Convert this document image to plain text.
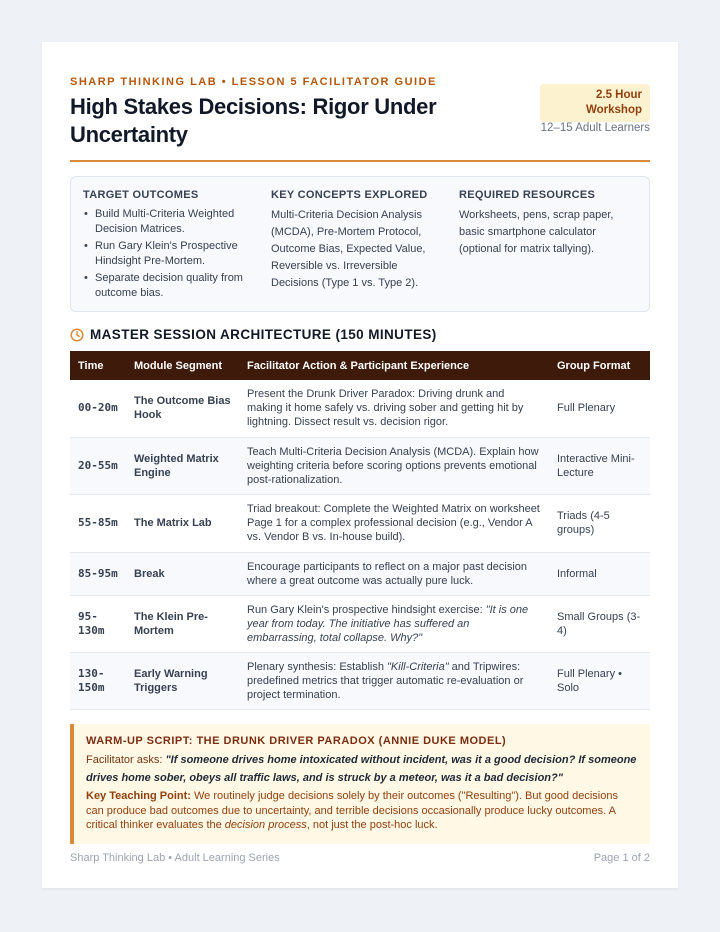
SHARP THINKING LAB • LESSON 5 FACILITATOR GUIDE
High Stakes Decisions: Rigor Under Uncertainty
2.5 Hour Workshop
12–15 Adult Learners
TARGET OUTCOMES
• Build Multi-Criteria Weighted Decision Matrices.
• Run Gary Klein's Prospective Hindsight Pre-Mortem.
• Separate decision quality from outcome bias.
KEY CONCEPTS EXPLORED

Multi-Criteria Decision Analysis (MCDA), Pre-Mortem Protocol, Outcome Bias, Expected Value, Reversible vs. Irreversible Decisions (Type 1 vs. Type 2).

REQUIRED RESOURCES

Worksheets, pens, scrap paper, basic smartphone calculator (optional for matrix tallying).

MASTER SESSION ARCHITECTURE (150 MINUTES)
Time	Module Segment	Facilitator Action & Participant Experience	Group Format
00-20m	The Outcome Bias Hook	Present the Drunk Driver Paradox: Driving drunk and making it home safely vs. driving sober and getting hit by lightning. Dissect result vs. decision rigor.	Full Plenary
20-55m	Weighted Matrix Engine	Teach Multi-Criteria Decision Analysis (MCDA). Explain how weighting criteria before scoring options prevents emotional post-rationalization.	Interactive Mini-Lecture
55-85m	The Matrix Lab	Triad breakout: Complete the Weighted Matrix on worksheet Page 1 for a complex professional decision (e.g., Vendor A vs. Vendor B vs. In-house build).	Triads (4-5 groups)
85-95m	Break	Encourage participants to reflect on a major past decision where a great outcome was actually pure luck.	Informal
95-130m	The Klein Pre-Mortem	Run Gary Klein's prospective hindsight exercise: "It is one year from today. The initiative has suffered an embarrassing, total collapse. Why?"	Small Groups (3-4)
130-150m	Early Warning Triggers	Plenary synthesis: Establish "Kill-Criteria" and Tripwires: predefined metrics that trigger automatic re-evaluation or project termination.	Full Plenary • Solo
WARM-UP SCRIPT: THE DRUNK DRIVER PARADOX (ANNIE DUKE MODEL)
Facilitator asks: "If someone drives home intoxicated without incident, was it a good decision? If someone drives home sober, obeys all traffic laws, and is struck by a meteor, was it a bad decision?"
Key Teaching Point: We routinely judge decisions solely by their outcomes ("Resulting"). But good decisions can produce bad outcomes due to uncertainty, and terrible decisions occasionally produce lucky outcomes. A critical thinker evaluates the decision process, not just the post-hoc luck.
Sharp Thinking Lab • Adult Learning Series	Page 1 of 2
